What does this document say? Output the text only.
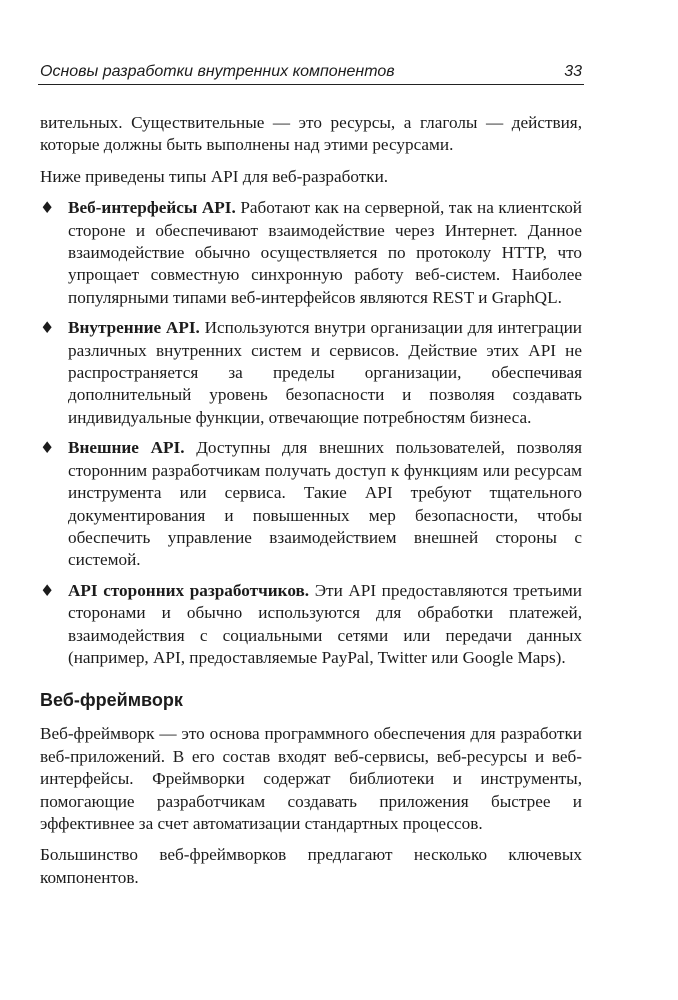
Основы разработки внутренних компонентов	33

вительных. Существительные — это ресурсы, а глаголы — действия, которые должны быть выполнены над этими ресурсами.

Ниже приведены типы API для веб-разработки.

♦ Веб-интерфейсы API. Работают как на серверной, так на клиентской стороне и обеспечивают взаимодействие через Интернет. Данное взаимодействие обычно осуществляется по протоколу HTTP, что упрощает совместную синхронную работу веб-систем. Наиболее популярными типами веб-интерфейсов являются REST и GraphQL.
♦ Внутренние API. Используются внутри организации для интеграции различных внутренних систем и сервисов. Действие этих API не распространяется за пределы организации, обеспечивая дополнительный уровень безопасности и позволяя создавать индивидуальные функции, отвечающие потребностям бизнеса.
♦ Внешние API. Доступны для внешних пользователей, позволяя сторонним разработчикам получать доступ к функциям или ресурсам инструмента или сервиса. Такие API требуют тщательного документирования и повышенных мер безопасности, чтобы обеспечить управление взаимодействием внешней стороны с системой.
♦ API сторонних разработчиков. Эти API предоставляются третьими сторонами и обычно используются для обработки платежей, взаимодействия с социальными сетями или передачи данных (например, API, предоставляемые PayPal, Twitter или Google Maps).
Веб-фреймворк

Веб-фреймворк — это основа программного обеспечения для разработки веб-приложений. В его состав входят веб-сервисы, веб-ресурсы и веб-интерфейсы. Фреймворки содержат библиотеки и инструменты, помогающие разработчикам создавать приложения быстрее и эффективнее за счет автоматизации стандартных процессов.

Большинство веб-фреймворков предлагают несколько ключевых компонентов.
